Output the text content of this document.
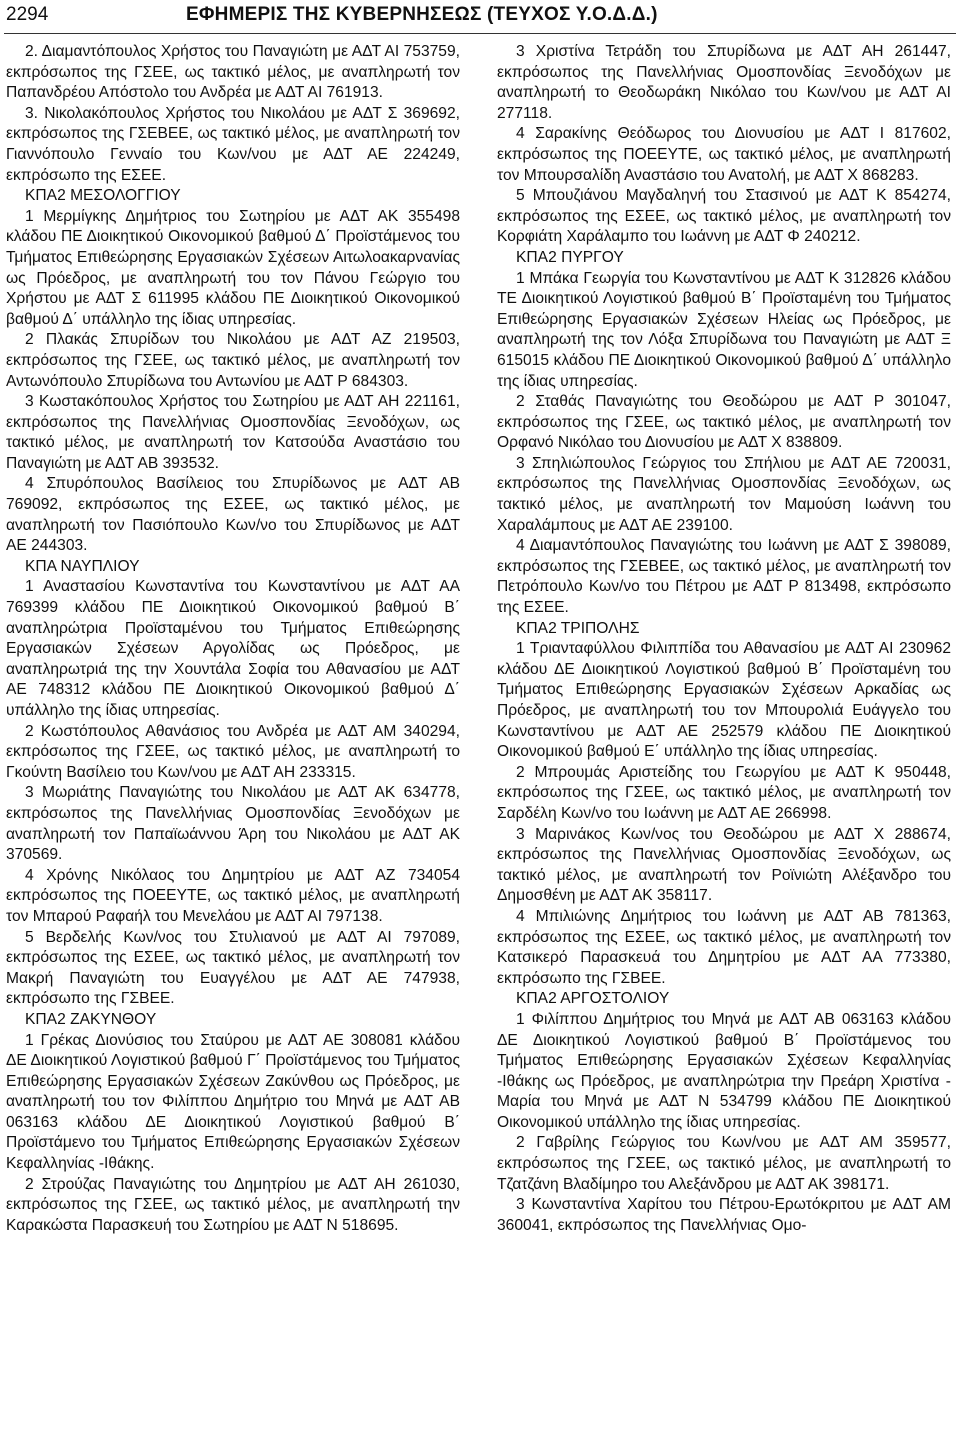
2294	ΕΦΗΜΕΡΙΣ ΤΗΣ ΚΥΒΕΡΝΗΣΕΩΣ (ΤΕΥΧΟΣ Υ.Ο.Δ.Δ.)

2. Διαμαντόπουλος Χρήστος του Παναγιώτη με ΑΔΤ ΑΙ 753759, εκπρόσωπος της ΓΣΕΕ, ως τακτικό μέλος, με αναπληρωτή τον Παπανδρέου Απόστολο του Ανδρέα με ΑΔΤ ΑΙ 761913.

3. Νικολακόπουλος Χρήστος του Νικολάου με ΑΔΤ Σ 369692, εκπρόσωπος της ΓΣΕΒΕΕ, ως τακτικό μέλος, με αναπληρωτή τον Γιαννόπουλο Γενναίο του Κων/νου με ΑΔΤ ΑΕ 224249, εκπρόσωπο της ΕΣΕΕ.

ΚΠΑ2 ΜΕΣΟΛΟΓΓΙΟΥ

1 Μερμίγκης Δημήτριος του Σωτηρίου με ΑΔΤ ΑΚ 355498 κλάδου ΠΕ Διοικητικού Οικονομικού βαθμού Δ΄ Προϊστάμενος του Τμήματος Επιθεώρησης Εργασιακών Σχέσεων Αιτωλοακαρνανίας ως Πρόεδρος, με αναπληρωτή του τον Πάνου Γεώργιο του Χρήστου με ΑΔΤ Σ 611995 κλάδου ΠΕ Διοικητικού Οικονομικού βαθμού Δ΄ υπάλληλο της ίδιας υπηρεσίας.

2 Πλακάς Σπυρίδων του Νικολάου με ΑΔΤ ΑΖ 219503, εκπρόσωπος της ΓΣΕΕ, ως τακτικό μέλος, με αναπληρωτή τον Αντωνόπουλο Σπυρίδωνα του Αντωνίου με ΑΔΤ Ρ 684303.

3 Κωστακόπουλος Χρήστος του Σωτηρίου με ΑΔΤ ΑΗ 221161, εκπρόσωπος της Πανελλήνιας Ομοσπονδίας Ξενοδόχων, ως τακτικό μέλος, με αναπληρωτή τον Κατσούδα Αναστάσιο του Παναγιώτη με ΑΔΤ ΑΒ 393532.

4 Σπυρόπουλος Βασίλειος του Σπυρίδωνος με ΑΔΤ ΑΒ 769092, εκπρόσωπος της ΕΣΕΕ, ως τακτικό μέλος, με αναπληρωτή τον Πασιόπουλο Κων/νο του Σπυρίδωνος με ΑΔΤ ΑΕ 244303.

ΚΠΑ ΝΑΥΠΛΙΟΥ

1 Αναστασίου Κωνσταντίνα του Κωνσταντίνου με ΑΔΤ ΑΑ 769399 κλάδου ΠΕ Διοικητικού Οικονομικού βαθμού Β΄ αναπληρώτρια Προϊσταμένου του Τμήματος Επιθεώρησης Εργασιακών Σχέσεων Αργολίδας ως Πρόεδρος, με αναπληρωτριά της την Χουντάλα Σοφία του Αθανασίου με ΑΔΤ ΑΕ 748312 κλάδου ΠΕ Διοικητικού Οικονομικού βαθμού Δ΄ υπάλληλο της ίδιας υπηρεσίας.

2 Κωστόπουλος Αθανάσιος του Ανδρέα με ΑΔΤ ΑΜ 340294, εκπρόσωπος της ΓΣΕΕ, ως τακτικό μέλος, με αναπληρωτή το Γκούντη Βασίλειο του Κων/νου με ΑΔΤ ΑΗ 233315.

3 Μωριάτης Παναγιώτης του Νικολάου με ΑΔΤ ΑΚ 634778, εκπρόσωπος της Πανελλήνιας Ομοσπονδίας Ξενοδόχων με αναπληρωτή τον Παπαϊωάννου Άρη του Νικολάου με ΑΔΤ ΑΚ 370569.

4 Χρόνης Νικόλαος του Δημητρίου με ΑΔΤ ΑΖ 734054 εκπρόσωπος της ΠΟΕΕΥΤΕ, ως τακτικό μέλος, με αναπληρωτή τον Μπαρού Ραφαήλ του Μενελάου με ΑΔΤ ΑΙ 797138.

5 Βερδελής Κων/νος του Στυλιανού με ΑΔΤ ΑΙ 797089, εκπρόσωπος της ΕΣΕΕ, ως τακτικό μέλος, με αναπληρωτή τον Μακρή Παναγιώτη του Ευαγγέλου με ΑΔΤ ΑΕ 747938, εκπρόσωπο της ΓΣΒΕΕ.

ΚΠΑ2 ΖΑΚΥΝΘΟΥ

1 Γρέκας Διονύσιος του Σταύρου με ΑΔΤ ΑΕ 308081 κλάδου ΔΕ Διοικητικού Λογιστικού βαθμού Γ΄ Προϊστάμενος του Τμήματος Επιθεώρησης Εργασιακών Σχέσεων Ζακύνθου ως Πρόεδρος, με αναπληρωτή του τον Φιλίππου Δημήτριο του Μηνά με ΑΔΤ ΑΒ 063163 κλάδου ΔΕ Διοικητικού Λογιστικού βαθμού Β΄ Προϊστάμενο του Τμήματος Επιθεώρησης Εργασιακών Σχέσεων Κεφαλληνίας -Ιθάκης.

2 Στρούζας Παναγιώτης του Δημητρίου με ΑΔΤ ΑΗ 261030, εκπρόσωπος της ΓΣΕΕ, ως τακτικό μέλος, με αναπληρωτή την Καρακώστα Παρασκευή του Σωτηρίου με ΑΔΤ Ν 518695.

3 Χριστίνα Τετράδη του Σπυρίδωνα με ΑΔΤ ΑΗ 261447, εκπρόσωπος της Πανελλήνιας Ομοσπονδίας Ξενοδόχων με αναπληρωτή το Θεοδωράκη Νικόλαο του Κων/νου με ΑΔΤ ΑΙ 277118.

4 Σαρακίνης Θεόδωρος του Διονυσίου με ΑΔΤ Ι 817602, εκπρόσωπος της ΠΟΕΕΥΤΕ, ως τακτικό μέλος, με αναπληρωτή τον Μπουρσαλίδη Αναστάσιο του Ανατολή, με ΑΔΤ Χ 868283.

5 Μπουζιάνου Μαγδαληνή του Στασινού με ΑΔΤ Κ 854274, εκπρόσωπος της ΕΣΕΕ, ως τακτικό μέλος, με αναπληρωτή τον Κορφιάτη Χαράλαμπο του Ιωάννη με ΑΔΤ Φ 240212.

ΚΠΑ2 ΠΥΡΓΟΥ

1 Μπάκα Γεωργία του Κωνσταντίνου με ΑΔΤ Κ 312826 κλάδου ΤΕ Διοικητικού Λογιστικού βαθμού Β΄ Προϊσταμένη του Τμήματος Επιθεώρησης Εργασιακών Σχέσεων Ηλείας ως Πρόεδρος, με αναπληρωτή της τον Λόξα Σπυρίδωνα του Παναγιώτη με ΑΔΤ Ξ 615015 κλάδου ΠΕ Διοικητικού Οικονομικού βαθμού Δ΄ υπάλληλο της ίδιας υπηρεσίας.

2 Σταθάς Παναγιώτης του Θεοδώρου με ΑΔΤ Ρ 301047, εκπρόσωπος της ΓΣΕΕ, ως τακτικό μέλος, με αναπληρωτή τον Ορφανό Νικόλαο του Διονυσίου με ΑΔΤ Χ 838809.

3 Σπηλιώπουλος Γεώργιος του Σπήλιου με ΑΔΤ ΑΕ 720031, εκπρόσωπος της Πανελλήνιας Ομοσπονδίας Ξενοδόχων, ως τακτικό μέλος, με αναπληρωτή τον Μαμούση Ιωάννη του Χαραλάμπους με ΑΔΤ ΑΕ 239100.

4 Διαμαντόπουλος Παναγιώτης του Ιωάννη με ΑΔΤ Σ 398089, εκπρόσωπος της ΓΣΕΒΕΕ, ως τακτικό μέλος, με αναπληρωτή τον Πετρόπουλο Κων/νο του Πέτρου με ΑΔΤ Ρ 813498, εκπρόσωπο της ΕΣΕΕ.

ΚΠΑ2 ΤΡΙΠΟΛΗΣ

1 Τριανταφύλλου Φιλιππίδα του Αθανασίου με ΑΔΤ ΑΙ 230962 κλάδου ΔΕ Διοικητικού Λογιστικού βαθμού Β΄ Προϊσταμένη του Τμήματος Επιθεώρησης Εργασιακών Σχέσεων Αρκαδίας ως Πρόεδρος, με αναπληρωτή του τον Μπουρολιά Ευάγγελο του Κωνσταντίνου με ΑΔΤ ΑΕ 252579 κλάδου ΠΕ Διοικητικού Οικονομικού βαθμού Ε΄ υπάλληλο της ίδιας υπηρεσίας.

2 Μπρουμάς Αριστείδης του Γεωργίου με ΑΔΤ Κ 950448, εκπρόσωπος της ΓΣΕΕ, ως τακτικό μέλος, με αναπληρωτή τον Σαρδέλη Κων/νο του Ιωάννη με ΑΔΤ ΑΕ 266998.

3 Μαρινάκος Κων/νος του Θεοδώρου με ΑΔΤ Χ 288674, εκπρόσωπος της Πανελλήνιας Ομοσπονδίας Ξενοδόχων, ως τακτικό μέλος, με αναπληρωτή τον Ροϊνιώτη Αλέξανδρο του Δημοσθένη με ΑΔΤ ΑΚ 358117.

4 Μπιλιώνης Δημήτριος του Ιωάννη με ΑΔΤ ΑΒ 781363, εκπρόσωπος της ΕΣΕΕ, ως τακτικό μέλος, με αναπληρωτή τον Κατσικερό Παρασκευά του Δημητρίου με ΑΔΤ ΑΑ 773380, εκπρόσωπο της ΓΣΒΕΕ.

ΚΠΑ2 ΑΡΓΟΣΤΟΛΙΟΥ

1 Φιλίππου Δημήτριος του Μηνά με ΑΔΤ ΑΒ 063163 κλάδου ΔΕ Διοικητικού Λογιστικού βαθμού Β΄ Προϊστάμενος του Τμήματος Επιθεώρησης Εργασιακών Σχέσεων Κεφαλληνίας -Ιθάκης ως Πρόεδρος, με αναπληρώτρια την Πρεάρη Χριστίνα - Μαρία του Μηνά με ΑΔΤ Ν 534799 κλάδου ΠΕ Διοικητικού Οικονομικού υπάλληλο της ίδιας υπηρεσίας.

2 Γαβρίλης Γεώργιος του Κων/νου με ΑΔΤ ΑΜ 359577, εκπρόσωπος της ΓΣΕΕ, ως τακτικό μέλος, με αναπληρωτή το Τζατζάνη Βλαδίμηρο του Αλεξάνδρου με ΑΔΤ ΑΚ 398171.

3 Κωνσταντίνα Χαρίτου του Πέτρου-Ερωτόκριτου με ΑΔΤ ΑΜ 360041, εκπρόσωπος της Πανελλήνιας Ομο-
